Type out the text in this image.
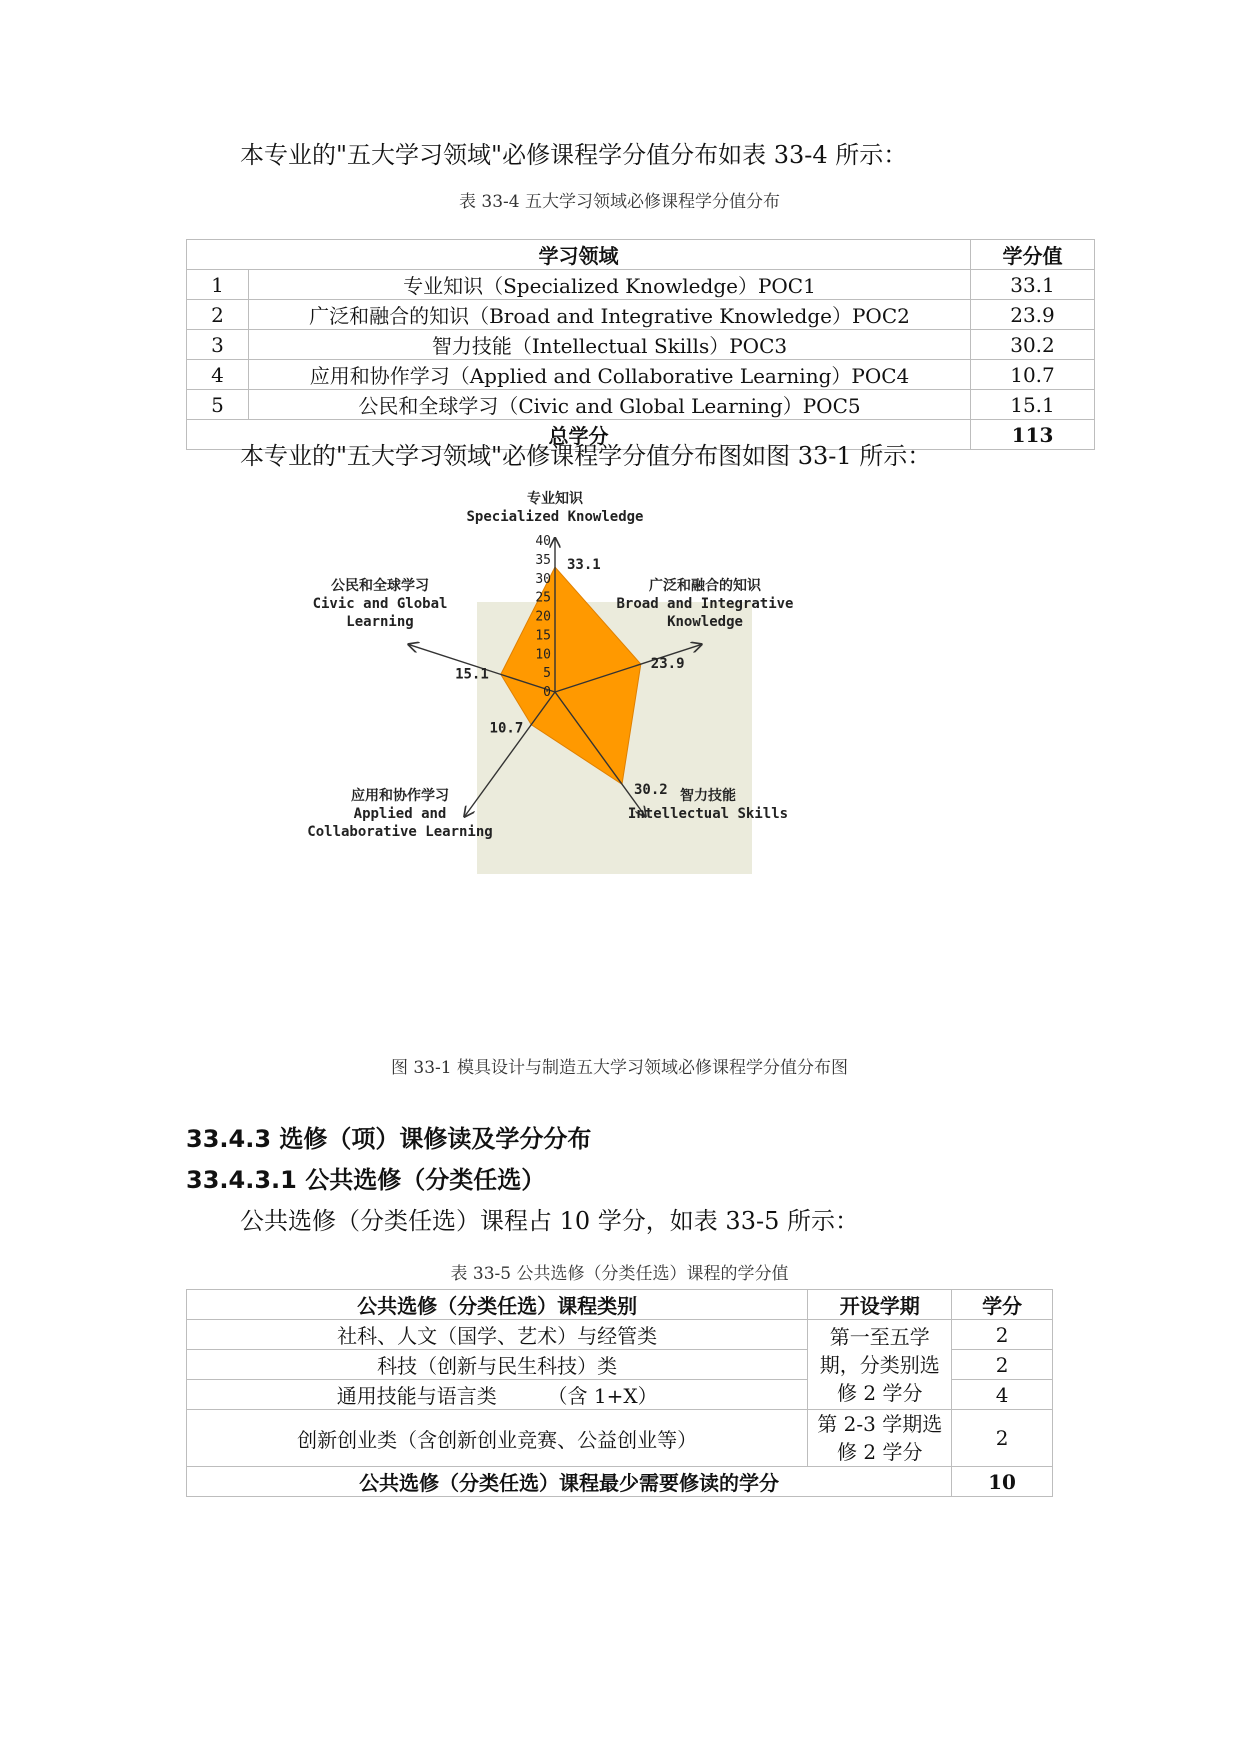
本专业的"五大学习领域"必修课程学分值分布如表 33-4 所示：
表 33-4 五大学习领域必修课程学分值分布
学习领域		学分值
1	专业知识（Specialized Knowledge）POC1	33.1
2	广泛和融合的知识（Broad and Integrative Knowledge）POC2	23.9
3	智力技能（Intellectual Skills）POC3	30.2
4	应用和协作学习（Applied and Collaborative Learning）POC4	10.7
5	公民和全球学习（Civic and Global Learning）POC5	15.1
总学分		113
本专业的"五大学习领域"必修课程学分值分布图如图 33-1 所示：
0
5
10
15
20
25
30
35
40
33.1
23.9
30.2
10.7
15.1
专业知识
Specialized Knowledge
广泛和融合的知识
Broad and Integrative
Knowledge
智力技能
Intellectual Skills
应用和协作学习
Applied and
Collaborative Learning
公民和全球学习
Civic and Global
Learning
图 33-1 模具设计与制造五大学习领域必修课程学分值分布图
33.4.3 选修（项）课修读及学分分布
33.4.3.1 公共选修（分类任选）
公共选修（分类任选）课程占 10 学分，如表 33-5 所示：
表 33-5 公共选修（分类任选）课程的学分值
公共选修（分类任选）课程类别	开设学期	学分
社科、人文（国学、艺术）与经管类	第一至五学期，分类别选修 2 学分	2
科技（创新与民生科技）类		2
通用技能与语言类        （含 1+X）		4
创新创业类（含创新创业竞赛、公益创业等）	第 2-3 学期选修 2 学分	2
公共选修（分类任选）课程最少需要修读的学分		10
